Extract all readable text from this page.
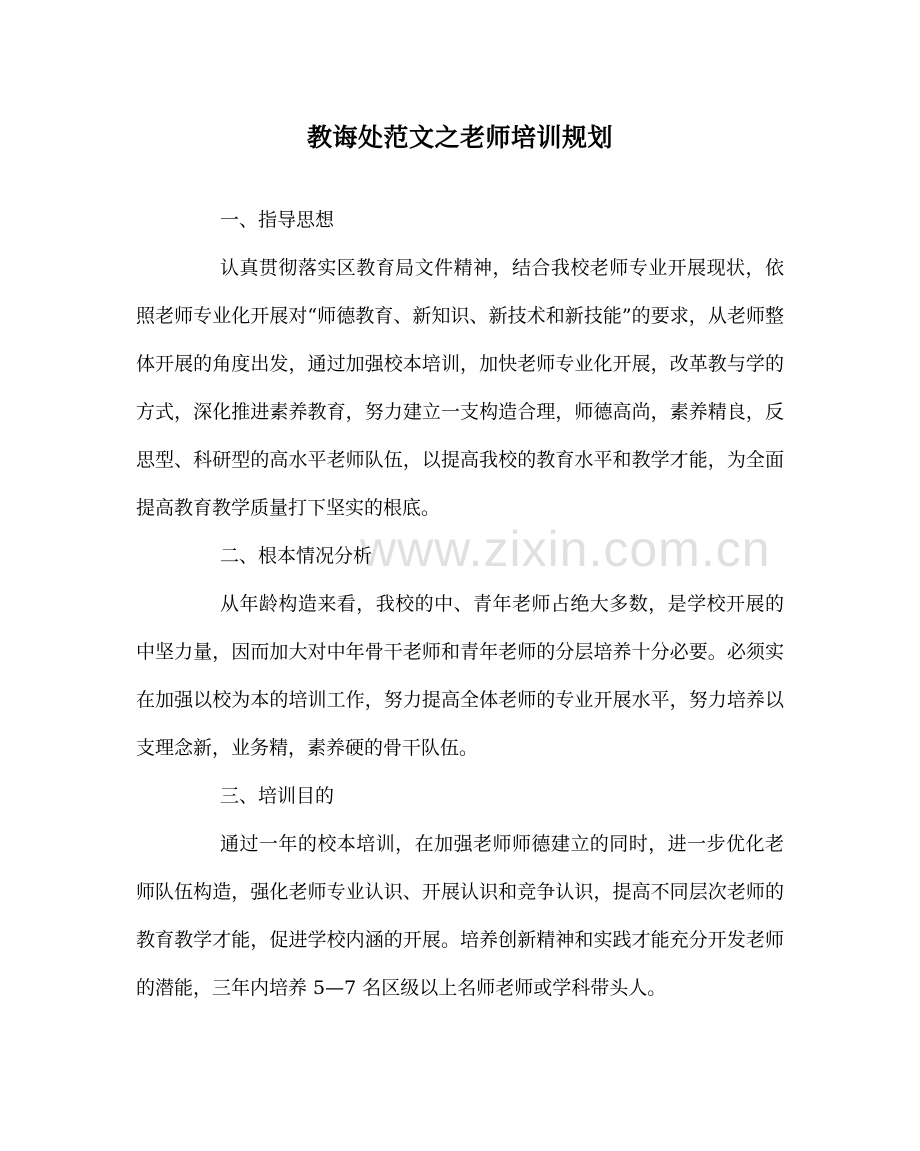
教诲处范文之老师培训规划

一、指导思想

认真贯彻落实区教育局文件精神，结合我校老师专业开展现状，依照老师专业化开展对“师德教育、新知识、新技术和新技能”的要求，从老师整体开展的角度出发，通过加强校本培训，加快老师专业化开展，改革教与学的方式，深化推进素养教育，努力建立一支构造合理，师德高尚，素养精良，反思型、科研型的高水平老师队伍，以提高我校的教育水平和教学才能，为全面提高教育教学质量打下坚实的根底。

二、根本情况分析

从年龄构造来看，我校的中、青年老师占绝大多数，是学校开展的中坚力量，因而加大对中年骨干老师和青年老师的分层培养十分必要。必须实在加强以校为本的培训工作，努力提高全体老师的专业开展水平，努力培养以支理念新，业务精，素养硬的骨干队伍。

三、培训目的

通过一年的校本培训，在加强老师师德建立的同时，进一步优化老师队伍构造，强化老师专业认识、开展认识和竞争认识，提高不同层次老师的教育教学才能，促进学校内涵的开展。培养创新精神和实践才能充分开发老师的潜能，三年内培养 5—7 名区级以上名师老师或学科带头人。

www.zixin.com.cn
